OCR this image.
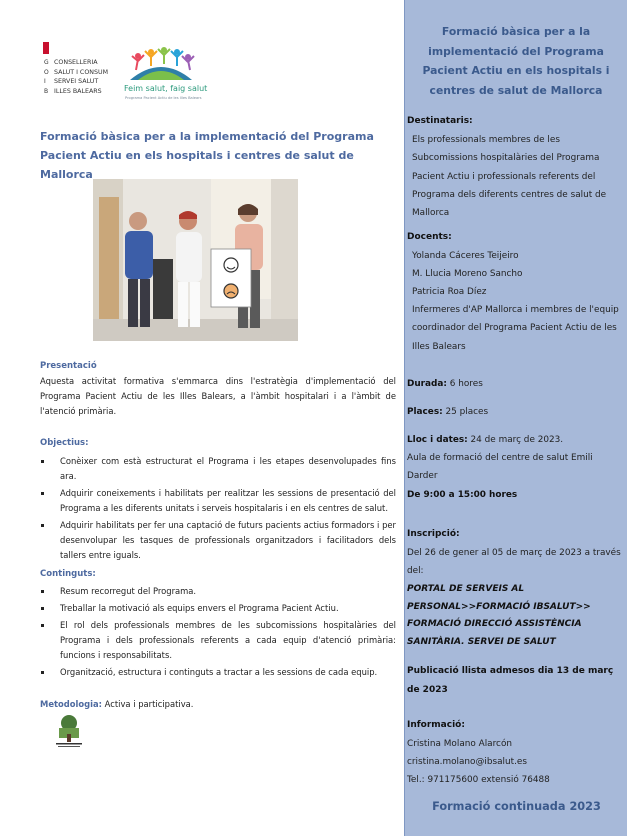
G
O
I
B
CONSELLERIA
SALUT I CONSUM
SERVEI SALUT
ILLES BALEARS	Feim salut, faig salut
Programa Pacient Actiu de les Illes Balears
Formació bàsica per a la implementació del Programa Pacient Actiu en els hospitals i centres de salut de Mallorca
Presentació
Aquesta activitat formativa s'emmarca dins l'estratègia d'implementació del Programa Pacient Actiu de les Illes Balears, a l'àmbit hospitalari i a l'àmbit de l'atenció primària.
Objectius:
Conèixer com està estructurat el Programa i les etapes desenvolupades fins ara.
Adquirir coneixements i habilitats per realitzar les sessions de presentació del Programa a les diferents unitats i serveis hospitalaris i en els centres de salut.
Adquirir habilitats per fer una captació de futurs pacients actius formadors i per desenvolupar les tasques de professionals organitzadors i facilitadors dels tallers entre iguals.
Continguts:
Resum recorregut del Programa.
Treballar la motivació als equips envers el Programa Pacient Actiu.
El rol dels professionals membres de les subcomissions hospitalàries del Programa i dels professionals referents a cada equip d'atenció primària: funcions i responsabilitats.
Organització, estructura i continguts a tractar a les sessions de cada equip.
Metodologia: Activa i participativa.
Formació bàsica per a la implementació del Programa Pacient Actiu en els hospitals i centres de salut de Mallorca
Destinataris:
Els professionals membres de les Subcomissions hospitalàries del Programa Pacient Actiu i professionals referents del Programa dels diferents centres de salut de Mallorca
Docents:
Yolanda Cáceres Teijeiro
M. Llucia Moreno Sancho
Patricia Roa Díez
Infermeres d'AP Mallorca i membres de l'equip coordinador del Programa Pacient Actiu de les Illes Balears
Durada: 6 hores
Places: 25 places
Lloc i dates: 24 de març de 2023.
Aula de formació del centre de salut Emili Darder
De 9:00 a 15:00 hores
Inscripció:
Del 26 de gener al 05 de març de 2023 a través del:
PORTAL DE SERVEIS AL PERSONAL>>FORMACIÓ IBSALUT>> FORMACIÓ DIRECCIÓ ASSISTÈNCIA SANITÀRIA. SERVEI DE SALUT
Publicació llista admesos dia 13 de març de 2023
Informació:
Cristina Molano Alarcón
cristina.molano@ibsalut.es
Tel.: 971175600 extensió 76488
Formació continuada 2023
